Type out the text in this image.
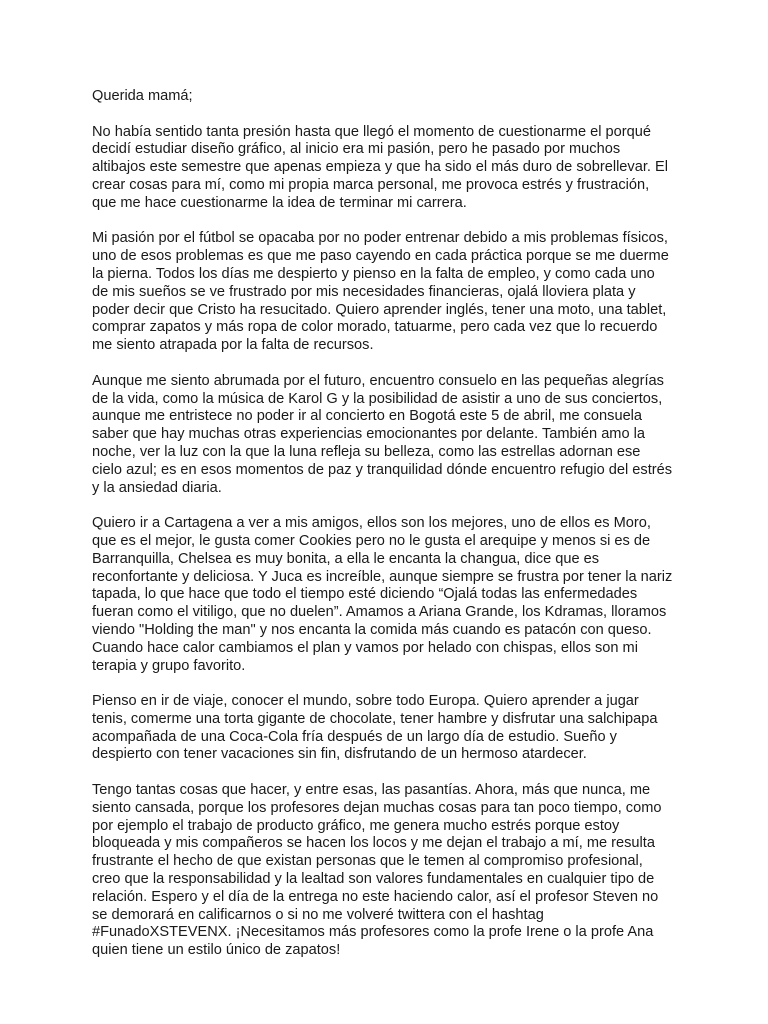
Querida mamá;

No había sentido tanta presión hasta que llegó el momento de cuestionarme el porqué decidí estudiar diseño gráfico, al inicio era mi pasión, pero he pasado por muchos altibajos este semestre que apenas empieza y que ha sido el más duro de sobrellevar. El crear cosas para mí, como mi propia marca personal, me provoca estrés y frustración, que me hace cuestionarme la idea de terminar mi carrera.

Mi pasión por el fútbol se opacaba por no poder entrenar debido a mis problemas físicos, uno de esos problemas es que me paso cayendo en cada práctica porque se me duerme la pierna. Todos los días me despierto y pienso en la falta de empleo, y como cada uno de mis sueños se ve frustrado por mis necesidades financieras, ojalá lloviera plata y poder decir que Cristo ha resucitado. Quiero aprender inglés, tener una moto, una tablet, comprar zapatos y más ropa de color morado, tatuarme, pero cada vez que lo recuerdo me siento atrapada por la falta de recursos.

Aunque me siento abrumada por el futuro, encuentro consuelo en las pequeñas alegrías de la vida, como la música de Karol G y la posibilidad de asistir a uno de sus conciertos, aunque me entristece no poder ir al concierto en Bogotá este 5 de abril, me consuela saber que hay muchas otras experiencias emocionantes por delante. También amo la noche, ver la luz con la que la luna refleja su belleza, como las estrellas adornan ese cielo azul; es en esos momentos de paz y tranquilidad dónde encuentro refugio del estrés y la ansiedad diaria.

Quiero ir a Cartagena a ver a mis amigos, ellos son los mejores, uno de ellos es Moro, que es el mejor, le gusta comer Cookies pero no le gusta el arequipe y menos si es de Barranquilla, Chelsea es muy bonita, a ella le encanta la changua, dice que es reconfortante y deliciosa. Y Juca es increíble, aunque siempre se frustra por tener la nariz tapada, lo que hace que todo el tiempo esté diciendo “Ojalá todas las enfermedades fueran como el vitiligo, que no duelen”. Amamos a Ariana Grande, los Kdramas, lloramos viendo "Holding the man" y nos encanta la comida más cuando es patacón con queso. Cuando hace calor cambiamos el plan y vamos por helado con chispas, ellos son mi terapia y grupo favorito.

Pienso en ir de viaje, conocer el mundo, sobre todo Europa. Quiero aprender a jugar tenis, comerme una torta gigante de chocolate, tener hambre y disfrutar una salchipapa acompañada de una Coca-Cola fría después de un largo día de estudio. Sueño y despierto con tener vacaciones sin fin, disfrutando de un hermoso atardecer.

Tengo tantas cosas que hacer, y entre esas, las pasantías. Ahora, más que nunca, me siento cansada, porque los profesores dejan muchas cosas para tan poco tiempo, como por ejemplo el trabajo de producto gráfico, me genera mucho estrés porque estoy bloqueada y mis compañeros se hacen los locos y me dejan el trabajo a mí, me resulta frustrante el hecho de que existan personas que le temen al compromiso profesional, creo que la responsabilidad y la lealtad son valores fundamentales en cualquier tipo de relación. Espero y el día de la entrega no este haciendo calor, así el profesor Steven no se demorará en calificarnos o si no me volveré twittera con el hashtag #FunadoXSTEVENX. ¡Necesitamos más profesores como la profe Irene o la profe Ana quien tiene un estilo único de zapatos!
